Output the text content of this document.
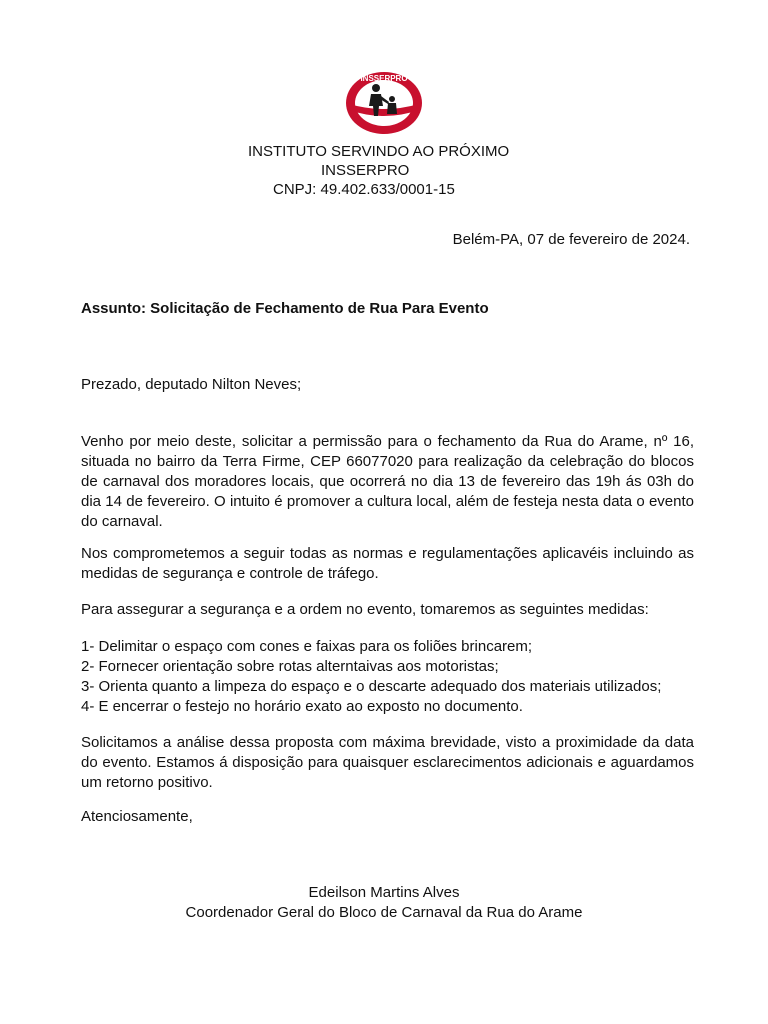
INSSERPRO
INSTITUTO SERVINDO AO PRÓXIMO
INSSERPRO
CNPJ: 49.402.633/0001-15
Belém-PA, 07 de fevereiro de 2024.
Assunto: Solicitação de Fechamento de Rua Para Evento
Prezado, deputado Nilton Neves;
Venho por meio deste, solicitar a permissão para o fechamento da Rua do Arame, nº 16, situada no bairro da Terra Firme, CEP 66077020 para realização da celebração do blocos de carnaval dos moradores locais, que ocorrerá no dia 13 de fevereiro das 19h ás 03h do dia 14 de fevereiro. O intuito é promover a cultura local, além de festeja nesta data o evento do carnaval.
Nos comprometemos a seguir todas as normas e regulamentações aplicavéis incluindo as medidas de segurança e controle de tráfego.
Para assegurar a segurança e a ordem no evento, tomaremos as seguintes medidas:
1- Delimitar o espaço com cones e faixas para os foliões brincarem;
2- Fornecer orientação sobre rotas alterntaivas aos motoristas;
3- Orienta quanto a limpeza do espaço e o descarte adequado dos materiais utilizados;
4- E encerrar o festejo no horário exato ao exposto no documento.
Solicitamos a análise dessa proposta com máxima brevidade, visto a proximidade da data do evento. Estamos á disposição para quaisquer esclarecimentos adicionais e aguardamos um retorno positivo.
Atenciosamente,
Edeilson Martins Alves
Coordenador Geral do Bloco de Carnaval da Rua do Arame
